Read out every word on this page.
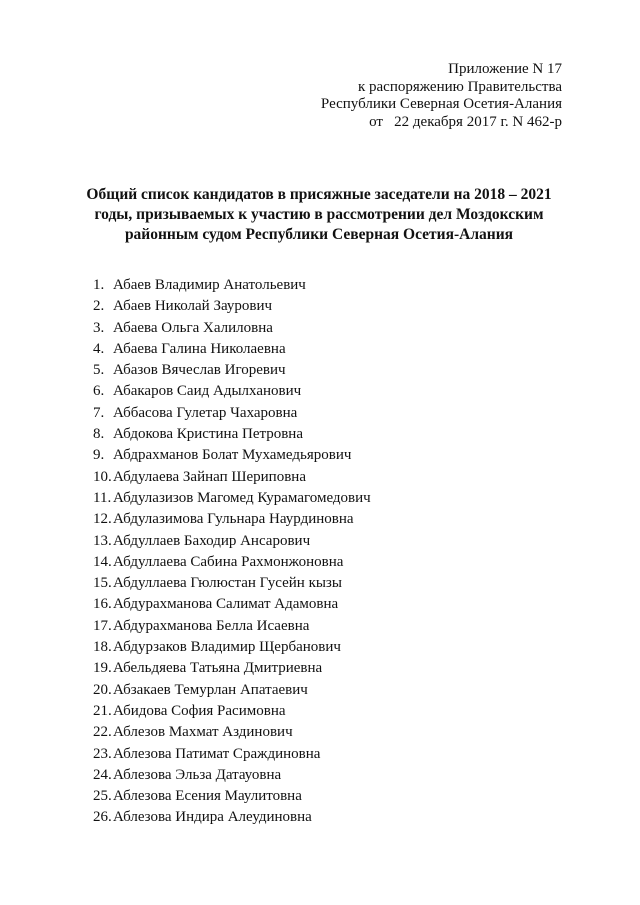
Приложение N 17
к распоряжению Правительства
Республики Северная Осетия-Алания
от   22 декабря 2017 г. N 462-р
Общий список кандидатов в присяжные заседатели на 2018 – 2021
годы, призываемых к участию в рассмотрении дел Моздокским
районным судом Республики Северная Осетия-Алания
1. Абаев Владимир Анатольевич
2. Абаев Николай Заурович
3. Абаева Ольга Халиловна
4. Абаева Галина Николаевна
5. Абазов Вячеслав Игоревич
6. Абакаров Саид Адылханович
7. Аббасова Гулетар Чахаровна
8. Абдокова Кристина Петровна
9. Абдрахманов Болат Мухамедьярович
10.Абдулаева Зайнап Шериповна
11. Абдулазизов Магомед Курамагомедович
12.Абдулазимова Гульнара Наурдиновна
13.Абдуллаев Баходир Ансарович
14.Абдуллаева Сабина Рахмонжоновна
15.Абдуллаева Гюлюстан Гусейн кызы
16.Абдурахманова Салимат Адамовна
17.Абдурахманова Белла Исаевна
18.Абдурзаков Владимир Щербанович
19.Абельдяева Татьяна Дмитриевна
20.Абзакаев Темурлан Апатаевич
21.Абидова София Расимовна
22.Аблезов Махмат Аздинович
23.Аблезова Патимат Сраждиновна
24.Аблезова Эльза Датауовна
25.Аблезова Есения Маулитовна
26.Аблезова Индира Алеудиновна
